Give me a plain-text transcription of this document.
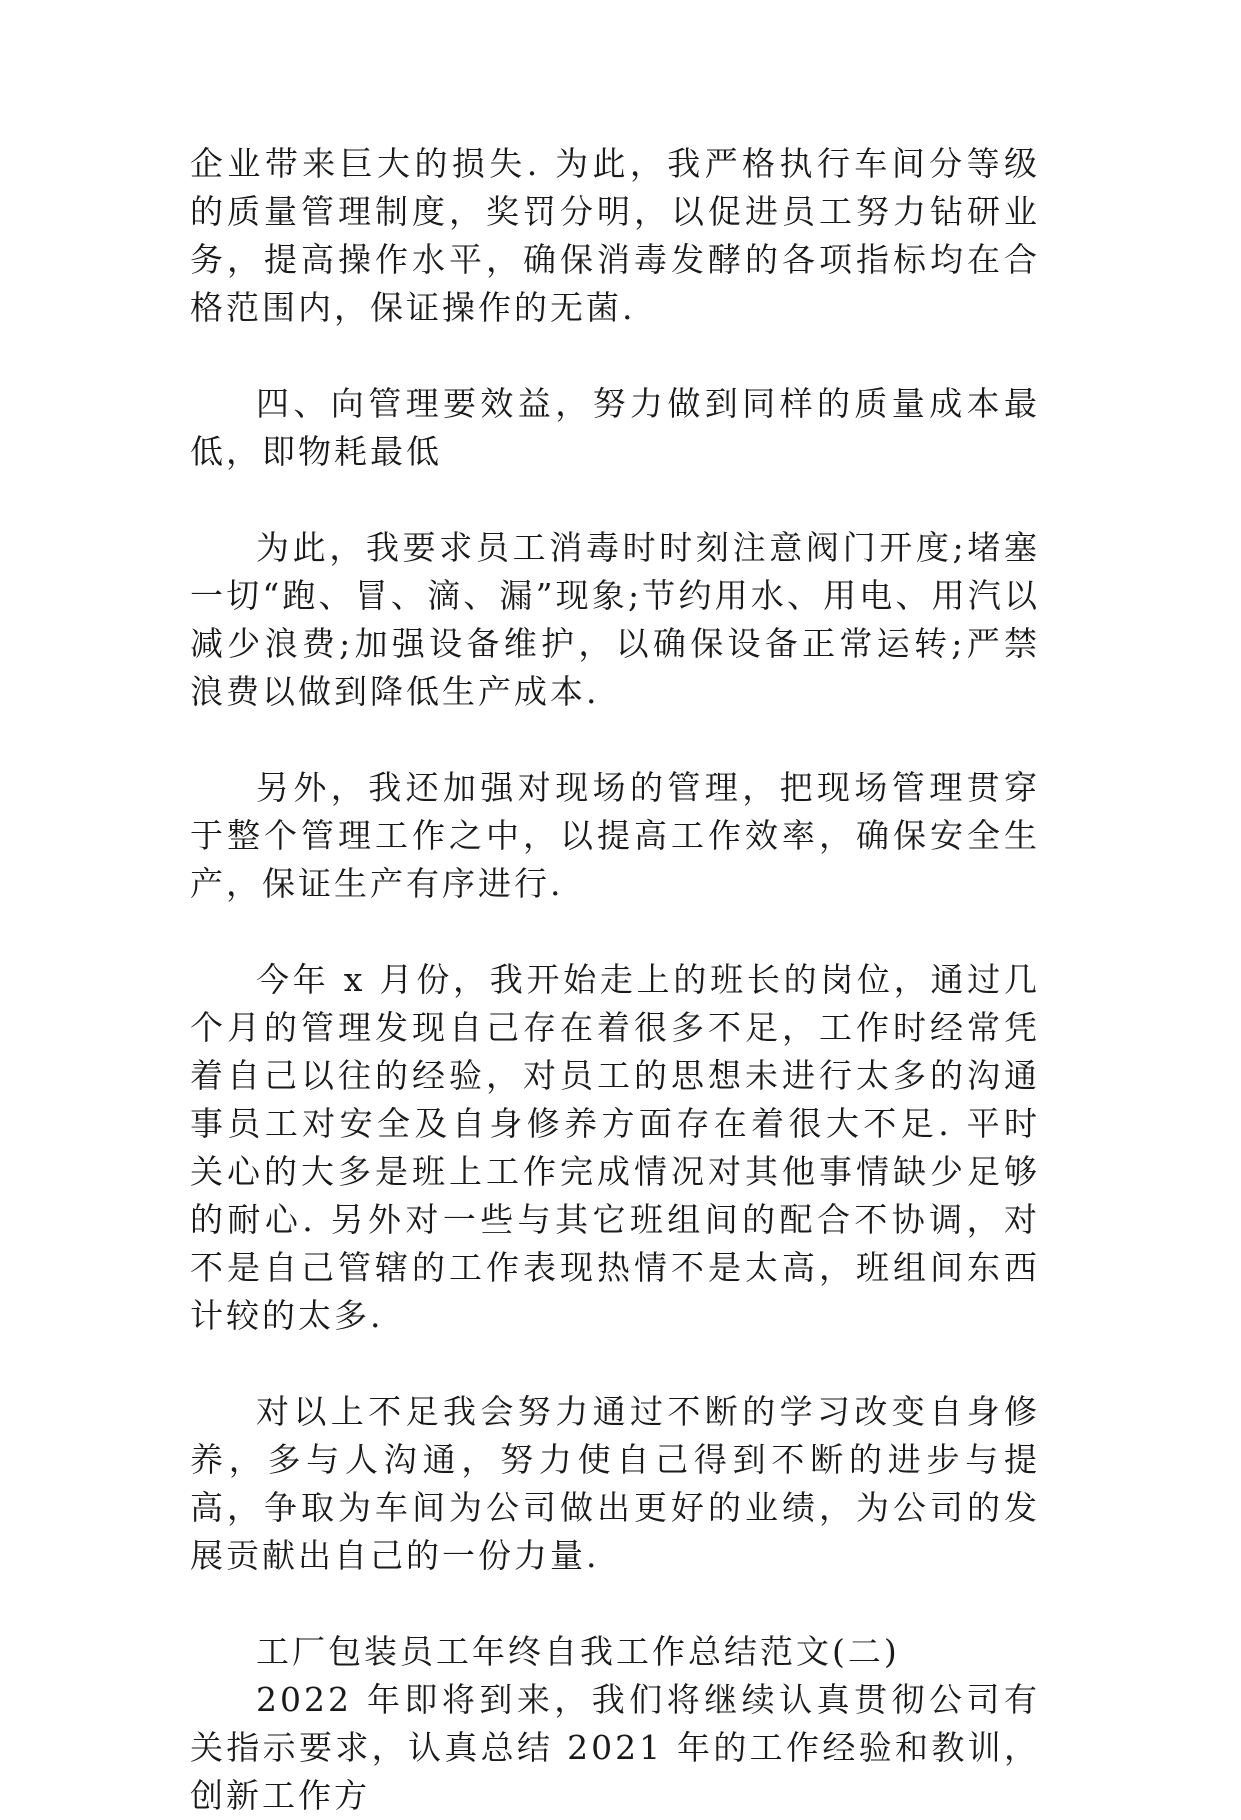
企业带来巨大的损失. 为此，我严格执行车间分等级的质量管理制度，奖罚分明，以促进员工努力钻研业务，提高操作水平，确保消毒发酵的各项指标均在合格范围内，保证操作的无菌.

四、向管理要效益，努力做到同样的质量成本最低，即物耗最低

为此，我要求员工消毒时时刻注意阀门开度;堵塞一切“跑、冒、滴、漏”现象;节约用水、用电、用汽以减少浪费;加强设备维护，以确保设备正常运转;严禁浪费以做到降低生产成本.

另外，我还加强对现场的管理，把现场管理贯穿于整个管理工作之中，以提高工作效率，确保安全生产，保证生产有序进行.

今年 x 月份，我开始走上的班长的岗位，通过几个月的管理发现自己存在着很多不足，工作时经常凭着自己以往的经验，对员工的思想未进行太多的沟通事员工对安全及自身修养方面存在着很大不足. 平时关心的大多是班上工作完成情况对其他事情缺少足够的耐心. 另外对一些与其它班组间的配合不协调，对不是自己管辖的工作表现热情不是太高，班组间东西计较的太多.

对以上不足我会努力通过不断的学习改变自身修养，多与人沟通，努力使自己得到不断的进步与提高，争取为车间为公司做出更好的业绩，为公司的发展贡献出自己的一份力量.

工厂包装员工年终自我工作总结范文(二)

2022 年即将到来，我们将继续认真贯彻公司有关指示要求，认真总结 2021 年的工作经验和教训，创新工作方
